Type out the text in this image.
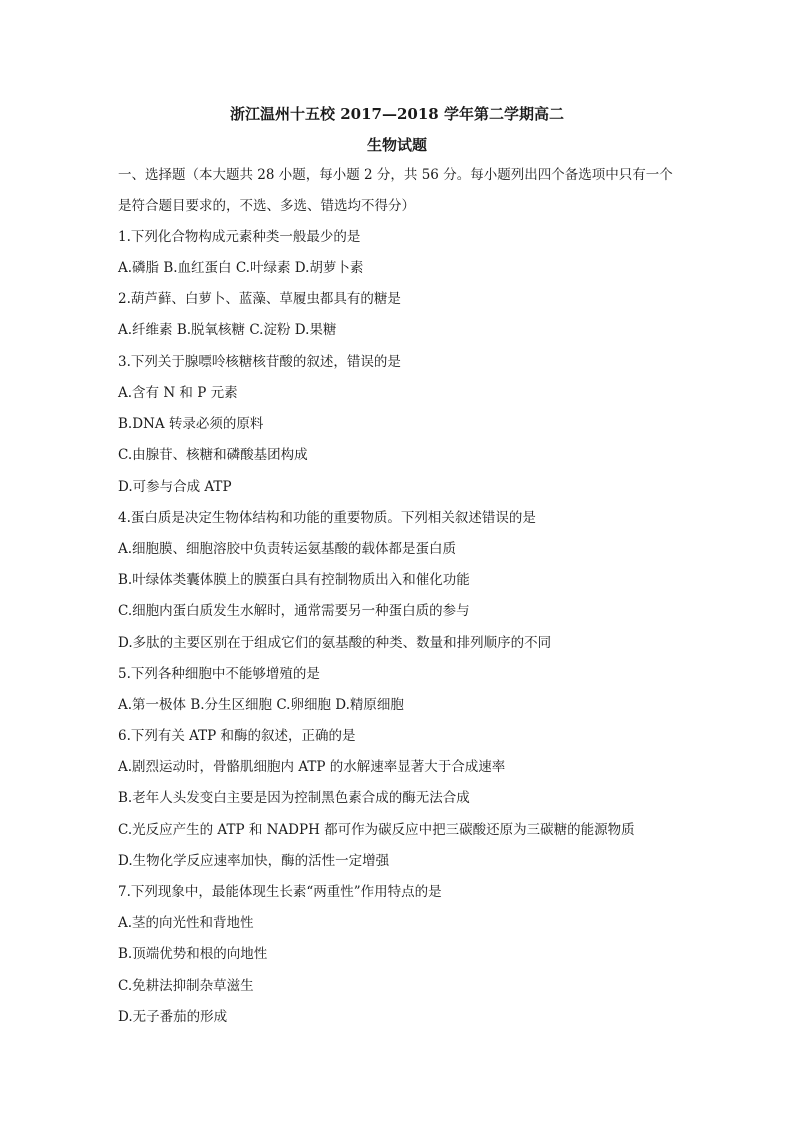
浙江温州十五校 2017—2018 学年第二学期高二
生物试题
一、选择题（本大题共 28 小题，每小题 2 分，共 56 分。每小题列出四个备选项中只有一个
是符合题目要求的，不选、多选、错选均不得分）
1.下列化合物构成元素种类一般最少的是
A.磷脂 B.血红蛋白 C.叶绿素 D.胡萝卜素
2.葫芦藓、白萝卜、蓝藻、草履虫都具有的糖是
A.纤维素 B.脱氧核糖 C.淀粉 D.果糖
3.下列关于腺嘌呤核糖核苷酸的叙述，错误的是
A.含有 N 和 P 元素
B.DNA 转录必须的原料
C.由腺苷、核糖和磷酸基团构成
D.可参与合成 ATP
4.蛋白质是决定生物体结构和功能的重要物质。下列相关叙述错误的是
A.细胞膜、细胞溶胶中负责转运氨基酸的载体都是蛋白质
B.叶绿体类囊体膜上的膜蛋白具有控制物质出入和催化功能
C.细胞内蛋白质发生水解时，通常需要另一种蛋白质的参与
D.多肽的主要区别在于组成它们的氨基酸的种类、数量和排列顺序的不同
5.下列各种细胞中不能够增殖的是
A.第一极体 B.分生区细胞 C.卵细胞 D.精原细胞
6.下列有关 ATP 和酶的叙述，正确的是
A.剧烈运动时，骨骼肌细胞内 ATP 的水解速率显著大于合成速率
B.老年人头发变白主要是因为控制黑色素合成的酶无法合成
C.光反应产生的 ATP 和 NADPH 都可作为碳反应中把三碳酸还原为三碳糖的能源物质
D.生物化学反应速率加快，酶的活性一定增强
7.下列现象中，最能体现生长素“两重性”作用特点的是
A.茎的向光性和背地性
B.顶端优势和根的向地性
C.免耕法抑制杂草滋生
D.无子番茄的形成
